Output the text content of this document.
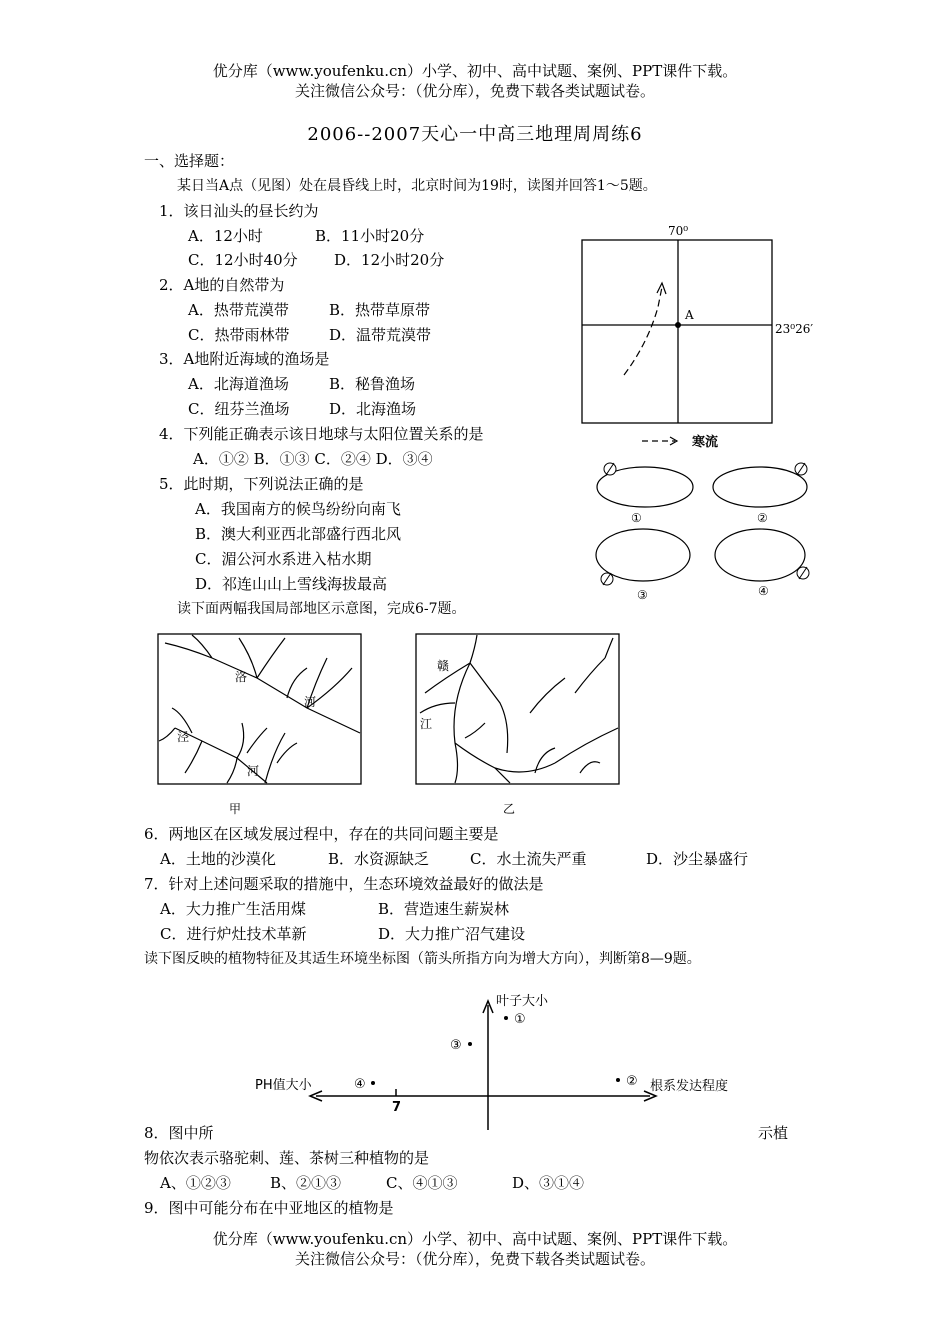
优分库（www.youfenku.cn）小学、初中、高中试题、案例、PPT课件下载。
关注微信公众号：（优分库），免费下载各类试题试卷。
2006--2007天心一中高三地理周周练6
一、选择题：
某日当A点（见图）处在晨昏线上时，北京时间为19时，读图并回答1～5题。
1．该日汕头的昼长约为
A．12小时	B．11小时20分
C．12小时40分 D．12小时20分
2．A地的自然带为
A．热带荒漠带	B．热带草原带
C．热带雨林带	D．温带荒漠带
3．A地附近海域的渔场是
A．北海道渔场	B．秘鲁渔场
C．纽芬兰渔场	D．北海渔场
4．下列能正确表示该日地球与太阳位置关系的是
A．①② B．①③ C．②④ D．③④
5．此时期，下列说法正确的是
A．我国南方的候鸟纷纷向南飞
B．澳大利亚西北部盛行西北风
C．湄公河水系进入枯水期
D．祁连山山上雪线海拔最高
读下面两幅我国局部地区示意图，完成6-7题。
70⁰
A
23⁰26′
寒流
①	②
③	④
洛
河
泾
河
甲
赣
江
乙
6．两地区在区域发展过程中，存在的共同问题主要是
A．土地的沙漠化	B．水资源缺乏	C．水土流失严重	D．沙尘暴盛行
7．针对上述问题采取的措施中，生态环境效益最好的做法是
A．大力推广生活用煤	B．营造速生薪炭林
C．进行炉灶技术革新	D．大力推广沼气建设
读下图反映的植物特征及其适生环境坐标图（箭头所指方向为增大方向），判断第8—9题。
叶子大小
根系发达程度
PH值大小
7
①
③
④	②
8．图中所	示植
物依次表示骆驼刺、莲、茶树三种植物的是
A、①②③	B、②①③	C、④①③	D、③①④
9．图中可能分布在中亚地区的植物是
优分库（www.youfenku.cn）小学、初中、高中试题、案例、PPT课件下载。
关注微信公众号：（优分库），免费下载各类试题试卷。
